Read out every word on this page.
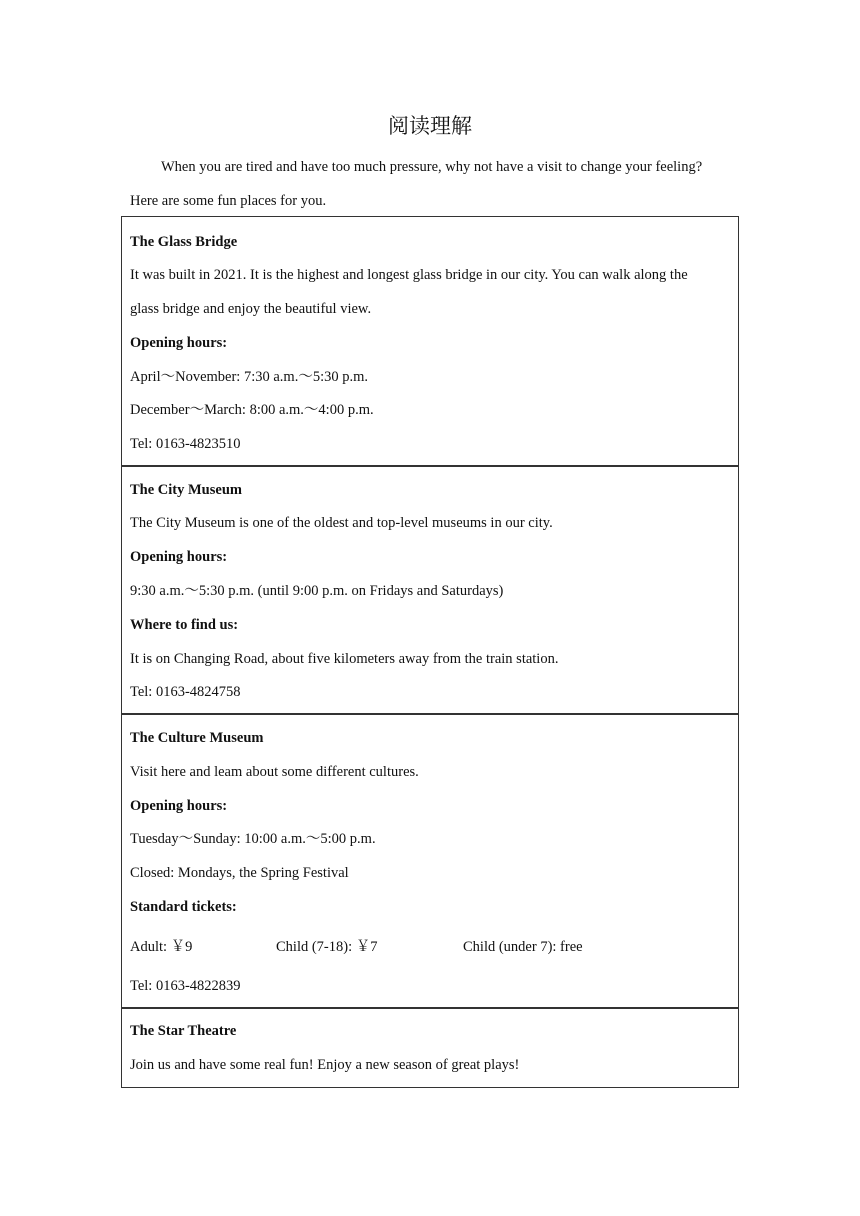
阅读理解
When you are tired and have too much pressure, why not have a visit to change your feeling?
Here are some fun places for you.
The Glass Bridge
It was built in 2021. It is the highest and longest glass bridge in our city. You can walk along the
glass bridge and enjoy the beautiful view.
Opening hours:
April～November: 7:30 a.m.～5:30 p.m.
December～March: 8:00 a.m.～4:00 p.m.
Tel: 0163-4823510
The City Museum
The City Museum is one of the oldest and top-level museums in our city.
Opening hours:
9:30 a.m.～5:30 p.m. (until 9:00 p.m. on Fridays and Saturdays)
Where to find us:
It is on Changing Road, about five kilometers away from the train station.
Tel: 0163-4824758
The Culture Museum
Visit here and leam about some different cultures.
Opening hours:
Tuesday～Sunday: 10:00 a.m.～5:00 p.m.
Closed: Mondays, the Spring Festival
Standard tickets:
Adult: ￥9	Child (7-18): ￥7	Child (under 7): free
Tel: 0163-4822839
The Star Theatre
Join us and have some real fun! Enjoy a new season of great plays!
